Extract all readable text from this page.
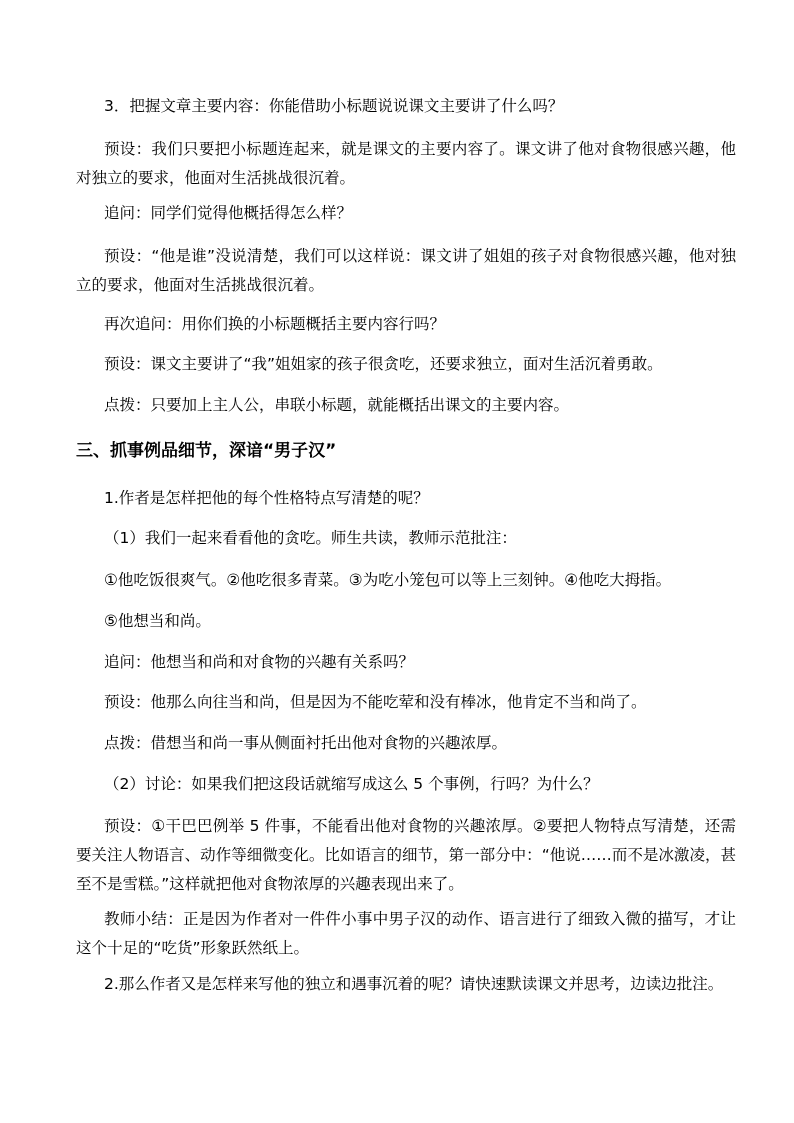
3．把握文章主要内容：你能借助小标题说说课文主要讲了什么吗？

预设：我们只要把小标题连起来，就是课文的主要内容了。课文讲了他对食物很感兴趣，他对独立的要求，他面对生活挑战很沉着。

追问：同学们觉得他概括得怎么样？

预设：“他是谁”没说清楚，我们可以这样说：课文讲了姐姐的孩子对食物很感兴趣，他对独立的要求，他面对生活挑战很沉着。

再次追问：用你们换的小标题概括主要内容行吗？

预设：课文主要讲了“我”姐姐家的孩子很贪吃，还要求独立，面对生活沉着勇敢。

点拨：只要加上主人公，串联小标题，就能概括出课文的主要内容。

三、抓事例品细节，深谙“男子汉”

1.作者是怎样把他的每个性格特点写清楚的呢？

（1）我们一起来看看他的贪吃。师生共读，教师示范批注：

①他吃饭很爽气。②他吃很多青菜。③为吃小笼包可以等上三刻钟。④他吃大拇指。

⑤他想当和尚。

追问：他想当和尚和对食物的兴趣有关系吗？

预设：他那么向往当和尚，但是因为不能吃荤和没有棒冰，他肯定不当和尚了。

点拨：借想当和尚一事从侧面衬托出他对食物的兴趣浓厚。

（2）讨论：如果我们把这段话就缩写成这么 5 个事例，行吗？为什么？

预设：①干巴巴例举 5 件事，不能看出他对食物的兴趣浓厚。②要把人物特点写清楚，还需要关注人物语言、动作等细微变化。比如语言的细节，第一部分中：“他说……而不是冰激凌，甚至不是雪糕。”这样就把他对食物浓厚的兴趣表现出来了。

教师小结：正是因为作者对一件件小事中男子汉的动作、语言进行了细致入微的描写，才让这个十足的“吃货”形象跃然纸上。

2.那么作者又是怎样来写他的独立和遇事沉着的呢？请快速默读课文并思考，边读边批注。
